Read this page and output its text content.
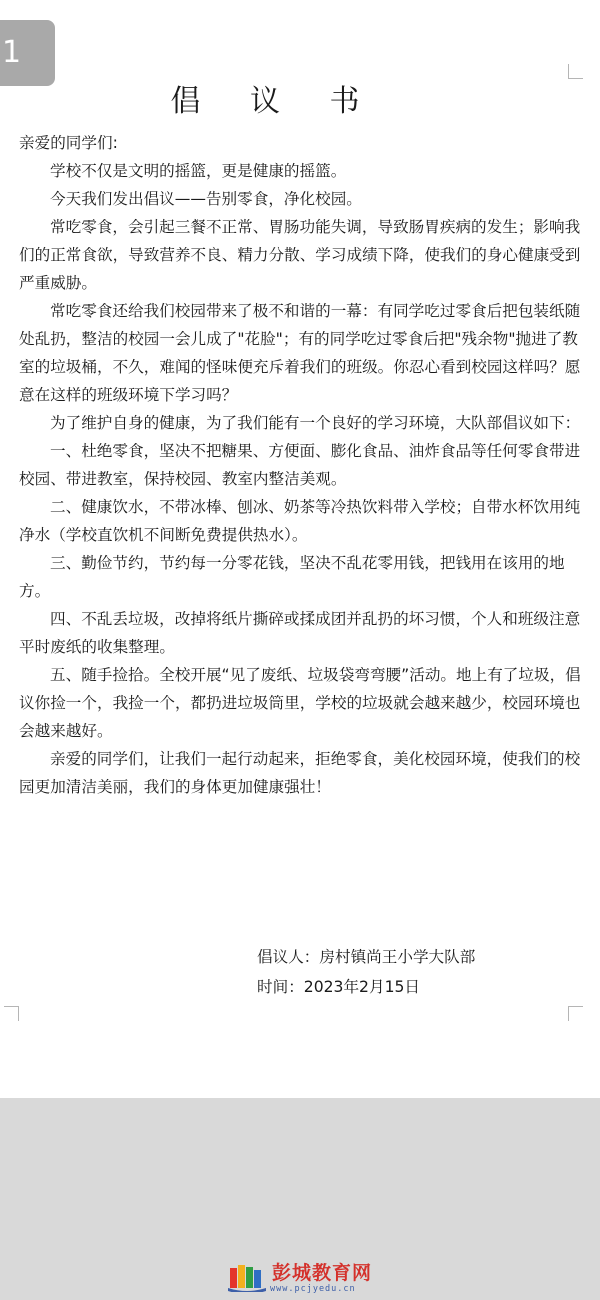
1
倡 议 书

亲爱的同学们:

学校不仅是文明的摇篮，更是健康的摇篮。

今天我们发出倡议——告别零食，净化校园。

常吃零食，会引起三餐不正常、胃肠功能失调，导致肠胃疾病的发生；影响我们的正常食欲，导致营养不良、精力分散、学习成绩下降，使我们的身心健康受到严重威胁。

常吃零食还给我们校园带来了极不和谐的一幕：有同学吃过零食后把包装纸随处乱扔，整洁的校园一会儿成了"花脸"；有的同学吃过零食后把"残余物"抛进了教室的垃圾桶，不久，难闻的怪味便充斥着我们的班级。你忍心看到校园这样吗？愿意在这样的班级环境下学习吗？

为了维护自身的健康，为了我们能有一个良好的学习环境，大队部倡议如下：

一、杜绝零食，坚决不把糖果、方便面、膨化食品、油炸食品等任何零食带进校园、带进教室，保持校园、教室内整洁美观。

二、健康饮水，不带冰棒、刨冰、奶茶等冷热饮料带入学校；自带水杯饮用纯净水（学校直饮机不间断免费提供热水）。

三、勤俭节约，节约每一分零花钱，坚决不乱花零用钱，把钱用在该用的地方。

四、不乱丢垃圾，改掉将纸片撕碎或揉成团并乱扔的坏习惯，个人和班级注意平时废纸的收集整理。

五、随手捡拾。全校开展“见了废纸、垃圾袋弯弯腰”活动。地上有了垃圾，倡议你捡一个，我捡一个，都扔进垃圾筒里，学校的垃圾就会越来越少，校园环境也会越来越好。

亲爱的同学们，让我们一起行动起来，拒绝零食，美化校园环境，使我们的校园更加清洁美丽，我们的身体更加健康强壮！

倡议人：房村镇尚王小学大队部
时间：2023年2月15日
彭城教育网
www.pcjyedu.cn
